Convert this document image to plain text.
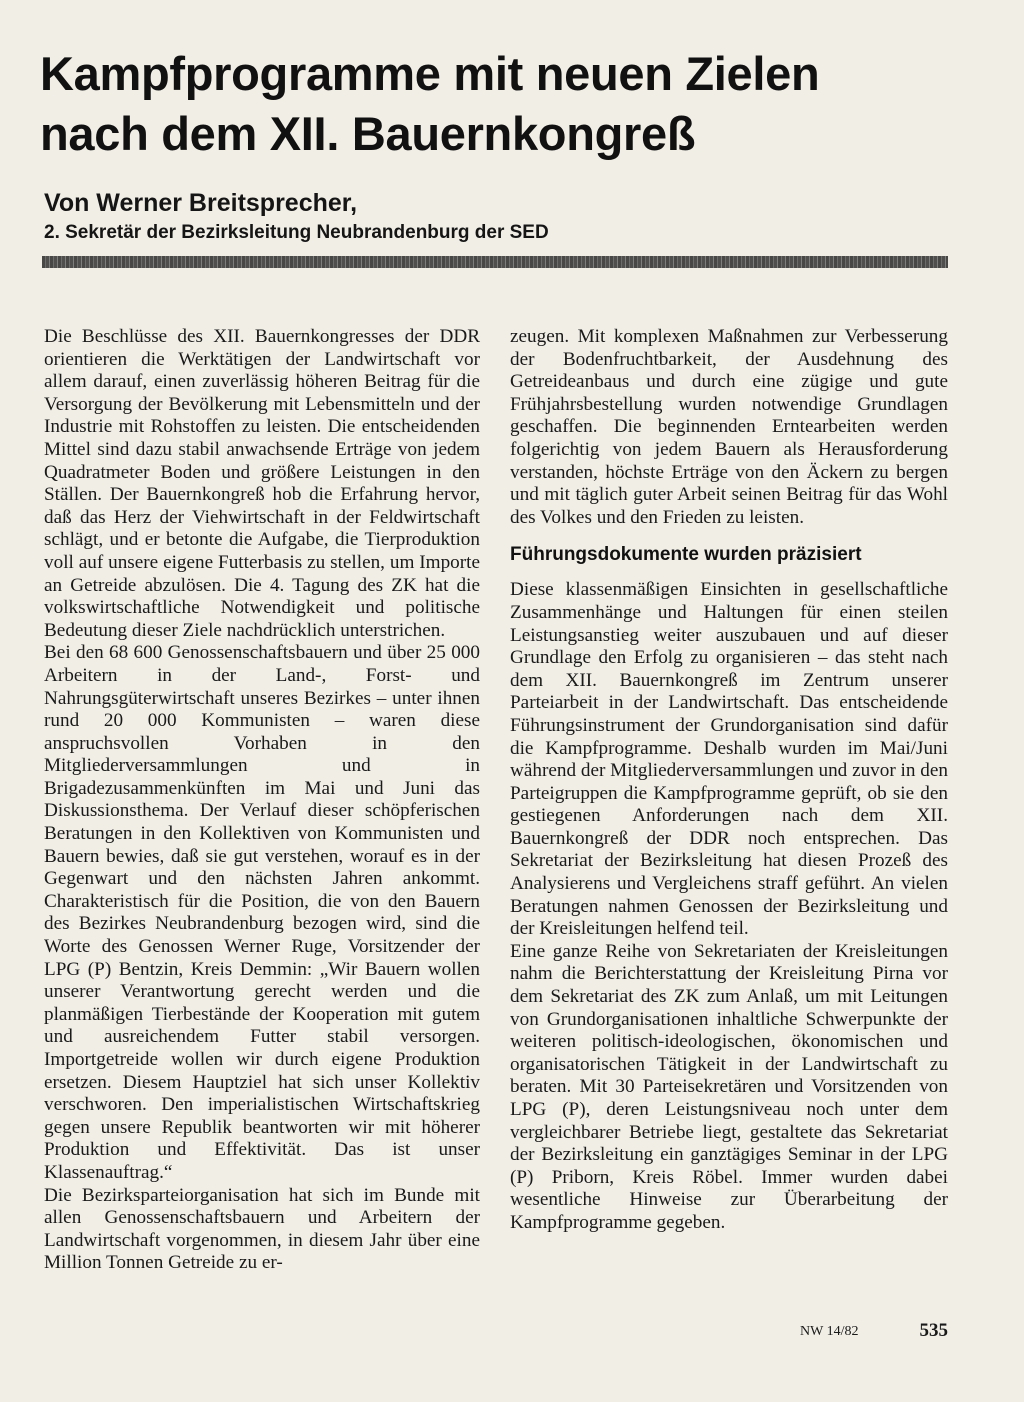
Kampfprogramme mit neuen Zielen
nach dem XII. Bauernkongreß
Von Werner Breitsprecher,
2. Sekretär der Bezirksleitung Neubrandenburg der SED

Die Beschlüsse des XII. Bauernkongresses der DDR orientieren die Werktätigen der Landwirtschaft vor allem darauf, einen zuverlässig höheren Beitrag für die Versorgung der Bevölkerung mit Lebensmitteln und der Industrie mit Rohstoffen zu leisten. Die entscheidenden Mittel sind dazu stabil anwachsende Erträge von jedem Quadratmeter Boden und größere Leistungen in den Ställen. Der Bauernkongreß hob die Erfahrung hervor, daß das Herz der Viehwirtschaft in der Feldwirtschaft schlägt, und er betonte die Aufgabe, die Tierproduktion voll auf unsere eigene Futterbasis zu stellen, um Importe an Getreide abzulösen. Die 4. Tagung des ZK hat die volkswirtschaftliche Notwendigkeit und politische Bedeutung dieser Ziele nachdrücklich unterstrichen.

Bei den 68 600 Genossenschaftsbauern und über 25 000 Arbeitern in der Land-, Forst- und Nahrungsgüterwirtschaft unseres Bezirkes – unter ihnen rund 20 000 Kommunisten – waren diese anspruchsvollen Vorhaben in den Mitgliederversammlungen und in Brigadezusammenkünften im Mai und Juni das Diskussionsthema. Der Verlauf dieser schöpferischen Beratungen in den Kollektiven von Kommunisten und Bauern bewies, daß sie gut verstehen, worauf es in der Gegenwart und den nächsten Jahren ankommt. Charakteristisch für die Position, die von den Bauern des Bezirkes Neubrandenburg bezogen wird, sind die Worte des Genossen Werner Ruge, Vorsitzender der LPG (P) Bentzin, Kreis Demmin: „Wir Bauern wollen unserer Verantwortung gerecht werden und die planmäßigen Tierbestände der Kooperation mit gutem und ausreichendem Futter stabil versorgen. Importgetreide wollen wir durch eigene Produktion ersetzen. Diesem Hauptziel hat sich unser Kollektiv verschworen. Den imperialistischen Wirtschaftskrieg gegen unsere Republik beantworten wir mit höherer Produktion und Effektivität. Das ist unser Klassenauftrag.“

Die Bezirksparteiorganisation hat sich im Bunde mit allen Genossenschaftsbauern und Arbeitern der Landwirtschaft vorgenommen, in diesem Jahr über eine Million Tonnen Getreide zu er-

zeugen. Mit komplexen Maßnahmen zur Verbesserung der Bodenfruchtbarkeit, der Ausdehnung des Getreideanbaus und durch eine zügige und gute Frühjahrsbestellung wurden notwendige Grundlagen geschaffen. Die beginnenden Erntearbeiten werden folgerichtig von jedem Bauern als Herausforderung verstanden, höchste Erträge von den Äckern zu bergen und mit täglich guter Arbeit seinen Beitrag für das Wohl des Volkes und den Frieden zu leisten.

Führungsdokumente wurden präzisiert

Diese klassenmäßigen Einsichten in gesellschaftliche Zusammenhänge und Haltungen für einen steilen Leistungsanstieg weiter auszubauen und auf dieser Grundlage den Erfolg zu organisieren – das steht nach dem XII. Bauernkongreß im Zentrum unserer Parteiarbeit in der Landwirtschaft. Das entscheidende Führungsinstrument der Grundorganisation sind dafür die Kampfprogramme. Deshalb wurden im Mai/Juni während der Mitgliederversammlungen und zuvor in den Parteigruppen die Kampfprogramme geprüft, ob sie den gestiegenen Anforderungen nach dem XII. Bauernkongreß der DDR noch entsprechen. Das Sekretariat der Bezirksleitung hat diesen Prozeß des Analysierens und Vergleichens straff geführt. An vielen Beratungen nahmen Genossen der Bezirksleitung und der Kreisleitungen helfend teil.

Eine ganze Reihe von Sekretariaten der Kreisleitungen nahm die Berichterstattung der Kreisleitung Pirna vor dem Sekretariat des ZK zum Anlaß, um mit Leitungen von Grundorganisationen inhaltliche Schwerpunkte der weiteren politisch-ideologischen, ökonomischen und organisatorischen Tätigkeit in der Landwirtschaft zu beraten. Mit 30 Parteisekretären und Vorsitzenden von LPG (P), deren Leistungsniveau noch unter dem vergleichbarer Betriebe liegt, gestaltete das Sekretariat der Bezirksleitung ein ganztägiges Seminar in der LPG (P) Priborn, Kreis Röbel. Immer wurden dabei wesentliche Hinweise zur Überarbeitung der Kampfprogramme gegeben.

NW 14/82	535
